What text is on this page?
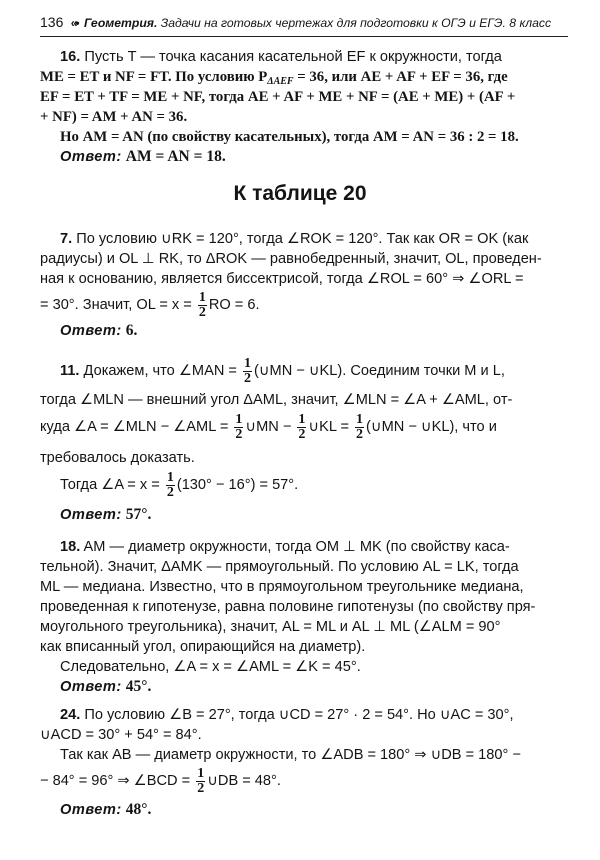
136 «• Геометрия. Задачи на готовых чертежах для подготовки к ОГЭ и ЕГЭ. 8 класс
16. Пусть T — точка касания касательной EF к окружности, тогда
ME = ET и NF = FT. По условию $P_{\Delta AEF} = 36$, или AE + AF + EF = 36, где
EF = ET + TF = ME + NF, тогда AE + AF + ME + NF = (AE + ME) + (AF +
+ NF) = AM + AN = 36.
Но AM = AN (по свойству касательных), тогда AM = AN = 36 : 2 = 18.
Ответ: AM = AN = 18.
К таблице 20
7. По условию ∪RK = 120°, тогда ∠ROK = 120°. Так как OR = OK (как
радиусы) и OL ⊥ RK, то ΔROK — равнобедренный, значит, OL, проведен-
ная к основанию, является биссектрисой, тогда ∠ROL = 60° ⇒ ∠ORL =
= 30°. Значит, OL = $x = \frac{1}{2}$ RO = 6.
Ответ: 6.
11. Докажем, что ∠MAN = $\frac{1}{2}$ (∪MN − ∪KL). Соединим точки M и L,
тогда ∠MLN — внешний угол ΔAML, значит, ∠MLN = ∠A + ∠AML, от-
куда ∠A = ∠MLN − ∠AML = $\frac{1}{2}$ ∪MN − $\frac{1}{2}$ ∪KL = $\frac{1}{2}$ (∪MN − ∪KL), что и
требовалось доказать.
Тогда ∠A = $x = \frac{1}{2} (130^\circ - 16^\circ) = 57^\circ$.
Ответ: 57°.
18. AM — диаметр окружности, тогда OM ⊥ MK (по свойству каса-
тельной). Значит, ΔAMK — прямоугольный. По условию AL = LK, тогда
ML — медиана. Известно, что в прямоугольном треугольнике медиана,
проведенная к гипотенузе, равна половине гипотенузы (по свойству пря-
моугольного треугольника), значит, AL = ML и AL ⊥ ML (∠ALM = 90°
как вписанный угол, опирающийся на диаметр).
Следовательно, ∠A = x = ∠AML = ∠K = 45°.
Ответ: 45°.
24. По условию ∠B = 27°, тогда ∪CD = 27° · 2 = 54°. Но ∪AC = 30°,
∪ACD = 30° + 54° = 84°.
Так как AB — диаметр окружности, то ∠ADB = 180° ⇒ ∪DB = 180° −
− 84° = 96° ⇒ ∠BCD = $\frac{1}{2}$ ∪DB = 48°.
Ответ: 48°.
